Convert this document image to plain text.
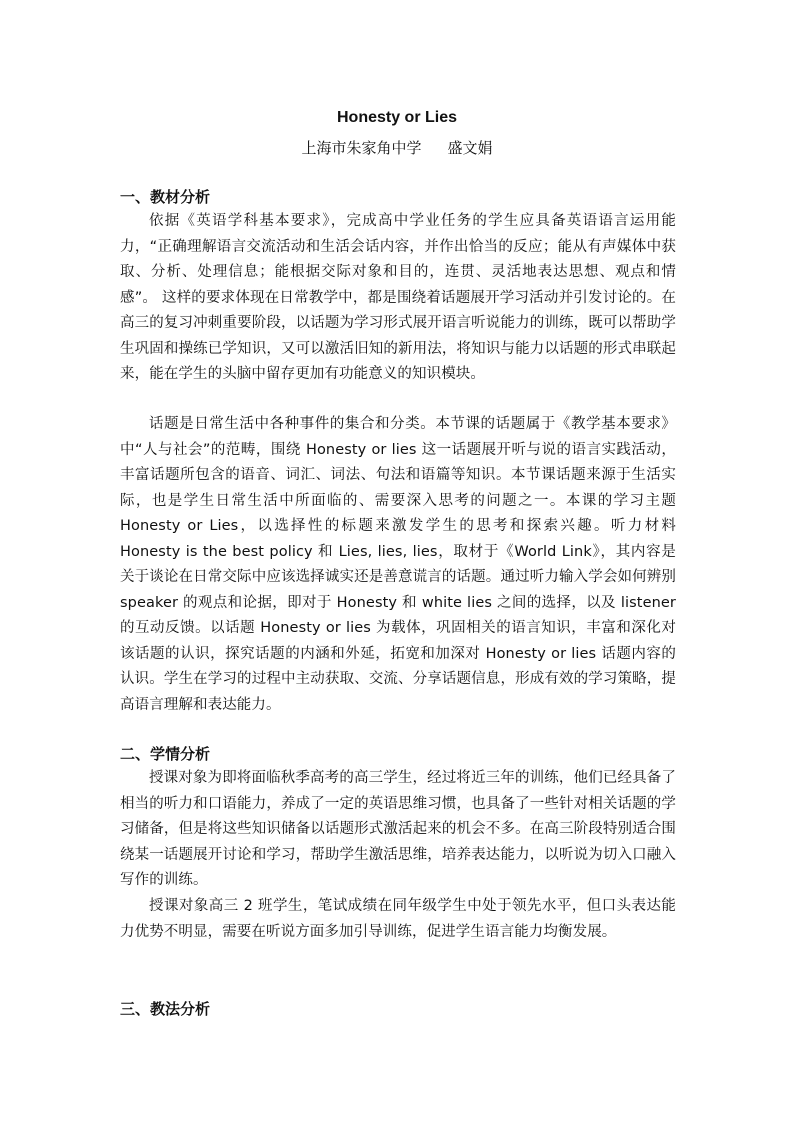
Honesty or Lies
上海市朱家角中学 盛文娟
一、教材分析
依据《英语学科基本要求》，完成高中学业任务的学生应具备英语语言运用能力，“正确理解语言交流活动和生活会话内容，并作出恰当的反应；能从有声媒体中获取、分析、处理信息；能根据交际对象和目的，连贯、灵活地表达思想、观点和情感”。 这样的要求体现在日常教学中，都是围绕着话题展开学习活动并引发讨论的。在高三的复习冲刺重要阶段，以话题为学习形式展开语言听说能力的训练，既可以帮助学生巩固和操练已学知识，又可以激活旧知的新用法，将知识与能力以话题的形式串联起来，能在学生的头脑中留存更加有功能意义的知识模块。
话题是日常生活中各种事件的集合和分类。本节课的话题属于《教学基本要求》中“人与社会”的范畴，围绕 Honesty or lies 这一话题展开听与说的语言实践活动，丰富话题所包含的语音、词汇、词法、句法和语篇等知识。本节课话题来源于生活实际，也是学生日常生活中所面临的、需要深入思考的问题之一。本课的学习主题 Honesty or Lies，以选择性的标题来激发学生的思考和探索兴趣。听力材料 Honesty is the best policy 和 Lies, lies, lies，取材于《World Link》，其内容是关于谈论在日常交际中应该选择诚实还是善意谎言的话题。通过听力输入学会如何辨别 speaker 的观点和论据，即对于 Honesty 和 white lies 之间的选择，以及 listener 的互动反馈。以话题 Honesty or lies 为载体，巩固相关的语言知识，丰富和深化对该话题的认识，探究话题的内涵和外延，拓宽和加深对 Honesty or lies 话题内容的认识。学生在学习的过程中主动获取、交流、分享话题信息，形成有效的学习策略，提高语言理解和表达能力。
二、学情分析
授课对象为即将面临秋季高考的高三学生，经过将近三年的训练，他们已经具备了相当的听力和口语能力，养成了一定的英语思维习惯，也具备了一些针对相关话题的学习储备，但是将这些知识储备以话题形式激活起来的机会不多。在高三阶段特别适合围绕某一话题展开讨论和学习，帮助学生激活思维，培养表达能力，以听说为切入口融入写作的训练。
授课对象高三 2 班学生，笔试成绩在同年级学生中处于领先水平，但口头表达能力优势不明显，需要在听说方面多加引导训练，促进学生语言能力均衡发展。
三、教法分析
